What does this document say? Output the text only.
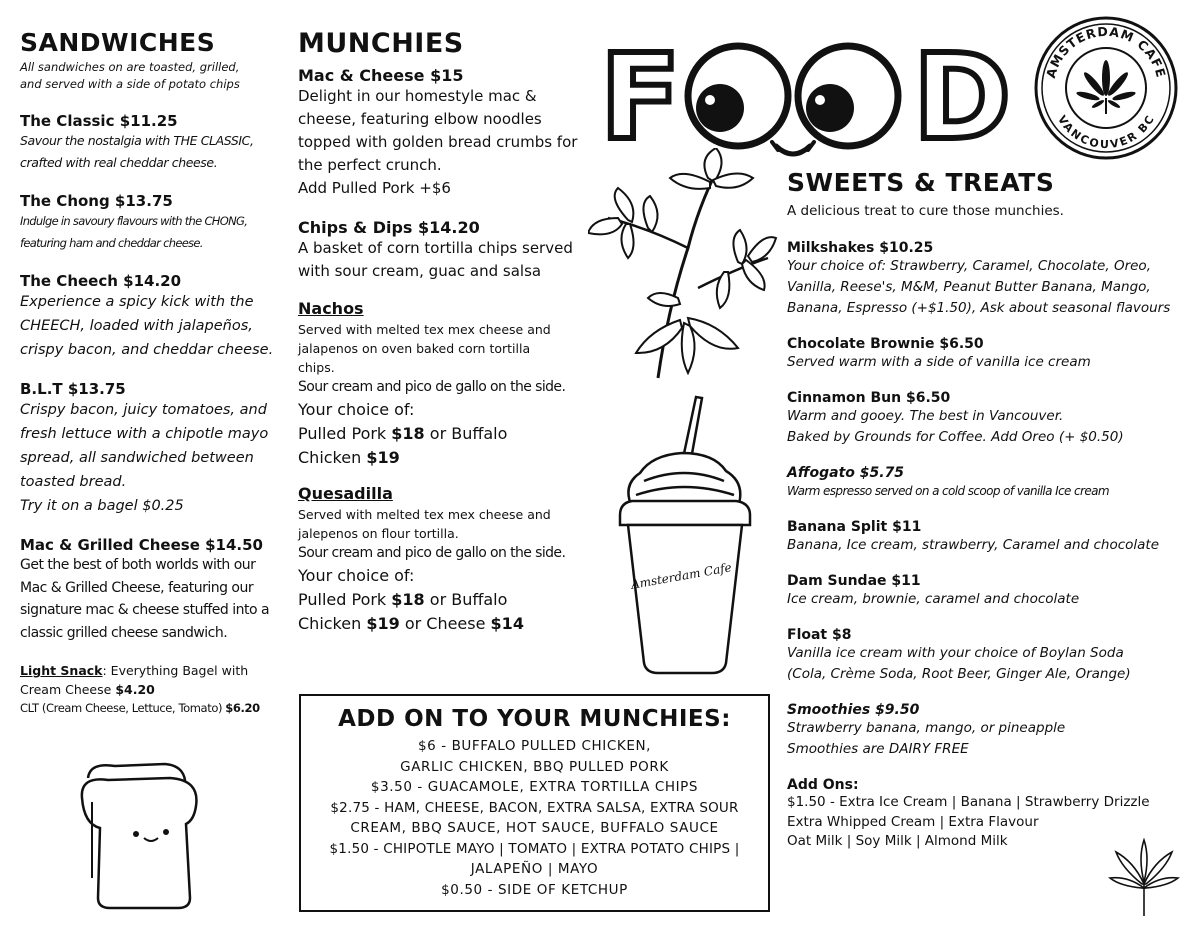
SANDWICHES
All sandwiches on are toasted, grilled,
and served with a side of potato chips
The Classic $11.25
Savour the nostalgia with THE CLASSIC,
crafted with real cheddar cheese.
The Chong $13.75
Indulge in savoury flavours with the CHONG,
featuring ham and cheddar cheese.
The Cheech $14.20
Experience a spicy kick with the
CHEECH, loaded with jalapeños,
crispy bacon, and cheddar cheese.
B.L.T $13.75
Crispy bacon, juicy tomatoes, and
fresh lettuce with a chipotle mayo
spread, all sandwiched between
toasted bread.
Try it on a bagel $0.25
Mac & Grilled Cheese $14.50
Get the best of both worlds with our
Mac & Grilled Cheese, featuring our
signature mac & cheese stuffed into a
classic grilled cheese sandwich.
Light Snack: Everything Bagel with
Cream Cheese $4.20
CLT (Cream Cheese, Lettuce, Tomato) $6.20
MUNCHIES
Mac & Cheese $15
Delight in our homestyle mac &
cheese, featuring elbow noodles
topped with golden bread crumbs for
the perfect crunch.
Add Pulled Pork +$6
Chips & Dips $14.20
A basket of corn tortilla chips served
with sour cream, guac and salsa
Nachos
Served with melted tex mex cheese and
jalapenos on oven baked corn tortilla
chips.
Sour cream and pico de gallo on the side.
Your choice of:
Pulled Pork $18 or Buffalo
Chicken $19
Quesadilla
Served with melted tex mex cheese and
jalepenos on flour tortilla.
Sour cream and pico de gallo on the side.
Your choice of:
Pulled Pork $18 or Buffalo
Chicken $19 or Cheese $14
ADD ON TO YOUR MUNCHIES:
$6 - BUFFALO PULLED CHICKEN,
GARLIC CHICKEN, BBQ PULLED PORK
$3.50 - GUACAMOLE, EXTRA TORTILLA CHIPS
$2.75 - HAM, CHEESE, BACON, EXTRA SALSA, EXTRA SOUR
CREAM, BBQ SAUCE, HOT SAUCE, BUFFALO SAUCE
$1.50 - CHIPOTLE MAYO | TOMATO | EXTRA POTATO CHIPS |
JALAPEÑO | MAYO
$0.50 - SIDE OF KETCHUP
F D	AMSTERDAM CAFE
VANCOUVER BC
Amsterdam Cafe
SWEETS & TREATS
A delicious treat to cure those munchies.
Milkshakes $10.25
Your choice of: Strawberry, Caramel, Chocolate, Oreo,
Vanilla, Reese's, M&M, Peanut Butter Banana, Mango,
Banana, Espresso (+$1.50), Ask about seasonal flavours
Chocolate Brownie $6.50
Served warm with a side of vanilla ice cream
Cinnamon Bun $6.50
Warm and gooey. The best in Vancouver.
Baked by Grounds for Coffee. Add Oreo (+ $0.50)
Affogato $5.75
Warm espresso served on a cold scoop of vanilla Ice cream
Banana Split $11
Banana, Ice cream, strawberry, Caramel and chocolate
Dam Sundae $11
Ice cream, brownie, caramel and chocolate
Float $8
Vanilla ice cream with your choice of Boylan Soda
(Cola, Crème Soda, Root Beer, Ginger Ale, Orange)
Smoothies $9.50
Strawberry banana, mango, or pineapple
Smoothies are DAIRY FREE
Add Ons:
$1.50 - Extra Ice Cream | Banana | Strawberry Drizzle
Extra Whipped Cream | Extra Flavour
Oat Milk | Soy Milk | Almond Milk
